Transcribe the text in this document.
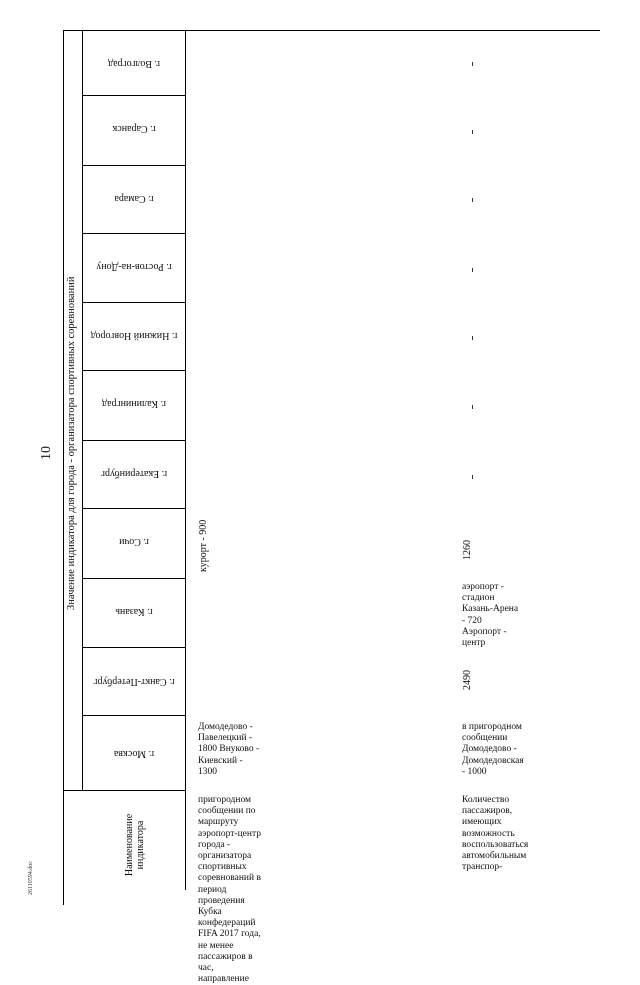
10 Значение индикатора для города - организатора спортивных соревнований
Наименование индикатора
г. Москва
г. Санкт-Петербург
г. Казань
г. Сочи
г. Екатеринбург
г. Калининград
г. Нижний Новгород
г. Ростов-на-Дону
г. Самара
г. Саранск
г. Волгоград
пригородном сообщении по маршруту аэропорт-центр города - организатора спортивных соревнований в период проведения Кубка конфедераций FIFA 2017 года, не менее пассажиров в час, направление
Домодедово - Павелецкий - 1800 Внуково - Киевский - 1300
курорт - 900
Количество пассажиров, имеющих возможность воспользоваться автомобильным транспор-
в пригородном сообщении Домодедово - Домодедовская - 1000
2490
аэропорт - стадион Казань-Арена - 720 Аэропорт - центр
1260
26110594.doc
